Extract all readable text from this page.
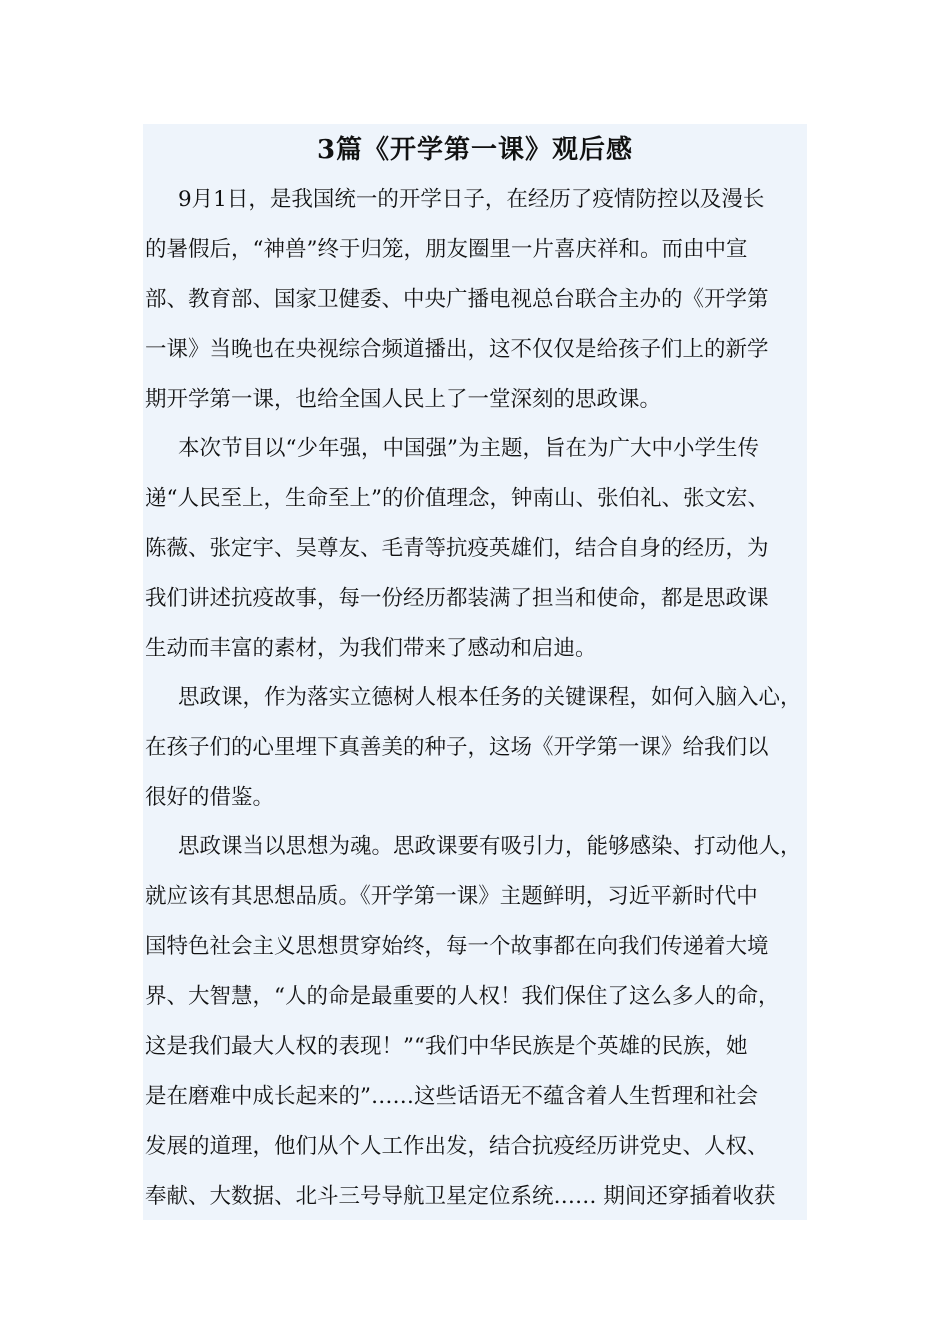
3篇《开学第一课》观后感

9月1日，是我国统一的开学日子，在经历了疫情防控以及漫长

的暑假后，“神兽”终于归笼，朋友圈里一片喜庆祥和。而由中宣

部、教育部、国家卫健委、中央广播电视总台联合主办的《开学第

一课》当晚也在央视综合频道播出，这不仅仅是给孩子们上的新学

期开学第一课，也给全国人民上了一堂深刻的思政课。

本次节目以“少年强，中国强”为主题，旨在为广大中小学生传

递“人民至上，生命至上”的价值理念，钟南山、张伯礼、张文宏、

陈薇、张定宇、吴尊友、毛青等抗疫英雄们，结合自身的经历，为

我们讲述抗疫故事，每一份经历都装满了担当和使命，都是思政课

生动而丰富的素材，为我们带来了感动和启迪。

思政课，作为落实立德树人根本任务的关键课程，如何入脑入心，

在孩子们的心里埋下真善美的种子，这场《开学第一课》给我们以

很好的借鉴。

思政课当以思想为魂。思政课要有吸引力，能够感染、打动他人，

就应该有其思想品质。《开学第一课》主题鲜明，习近平新时代中

国特色社会主义思想贯穿始终，每一个故事都在向我们传递着大境

界、大智慧，“人的命是最重要的人权！我们保住了这么多人的命，

这是我们最大人权的表现！”“我们中华民族是个英雄的民族，她

是在磨难中成长起来的”……这些话语无不蕴含着人生哲理和社会

发展的道理，他们从个人工作出发，结合抗疫经历讲党史、人权、

奉献、大数据、北斗三号导航卫星定位系统…… 期间还穿插着收获
